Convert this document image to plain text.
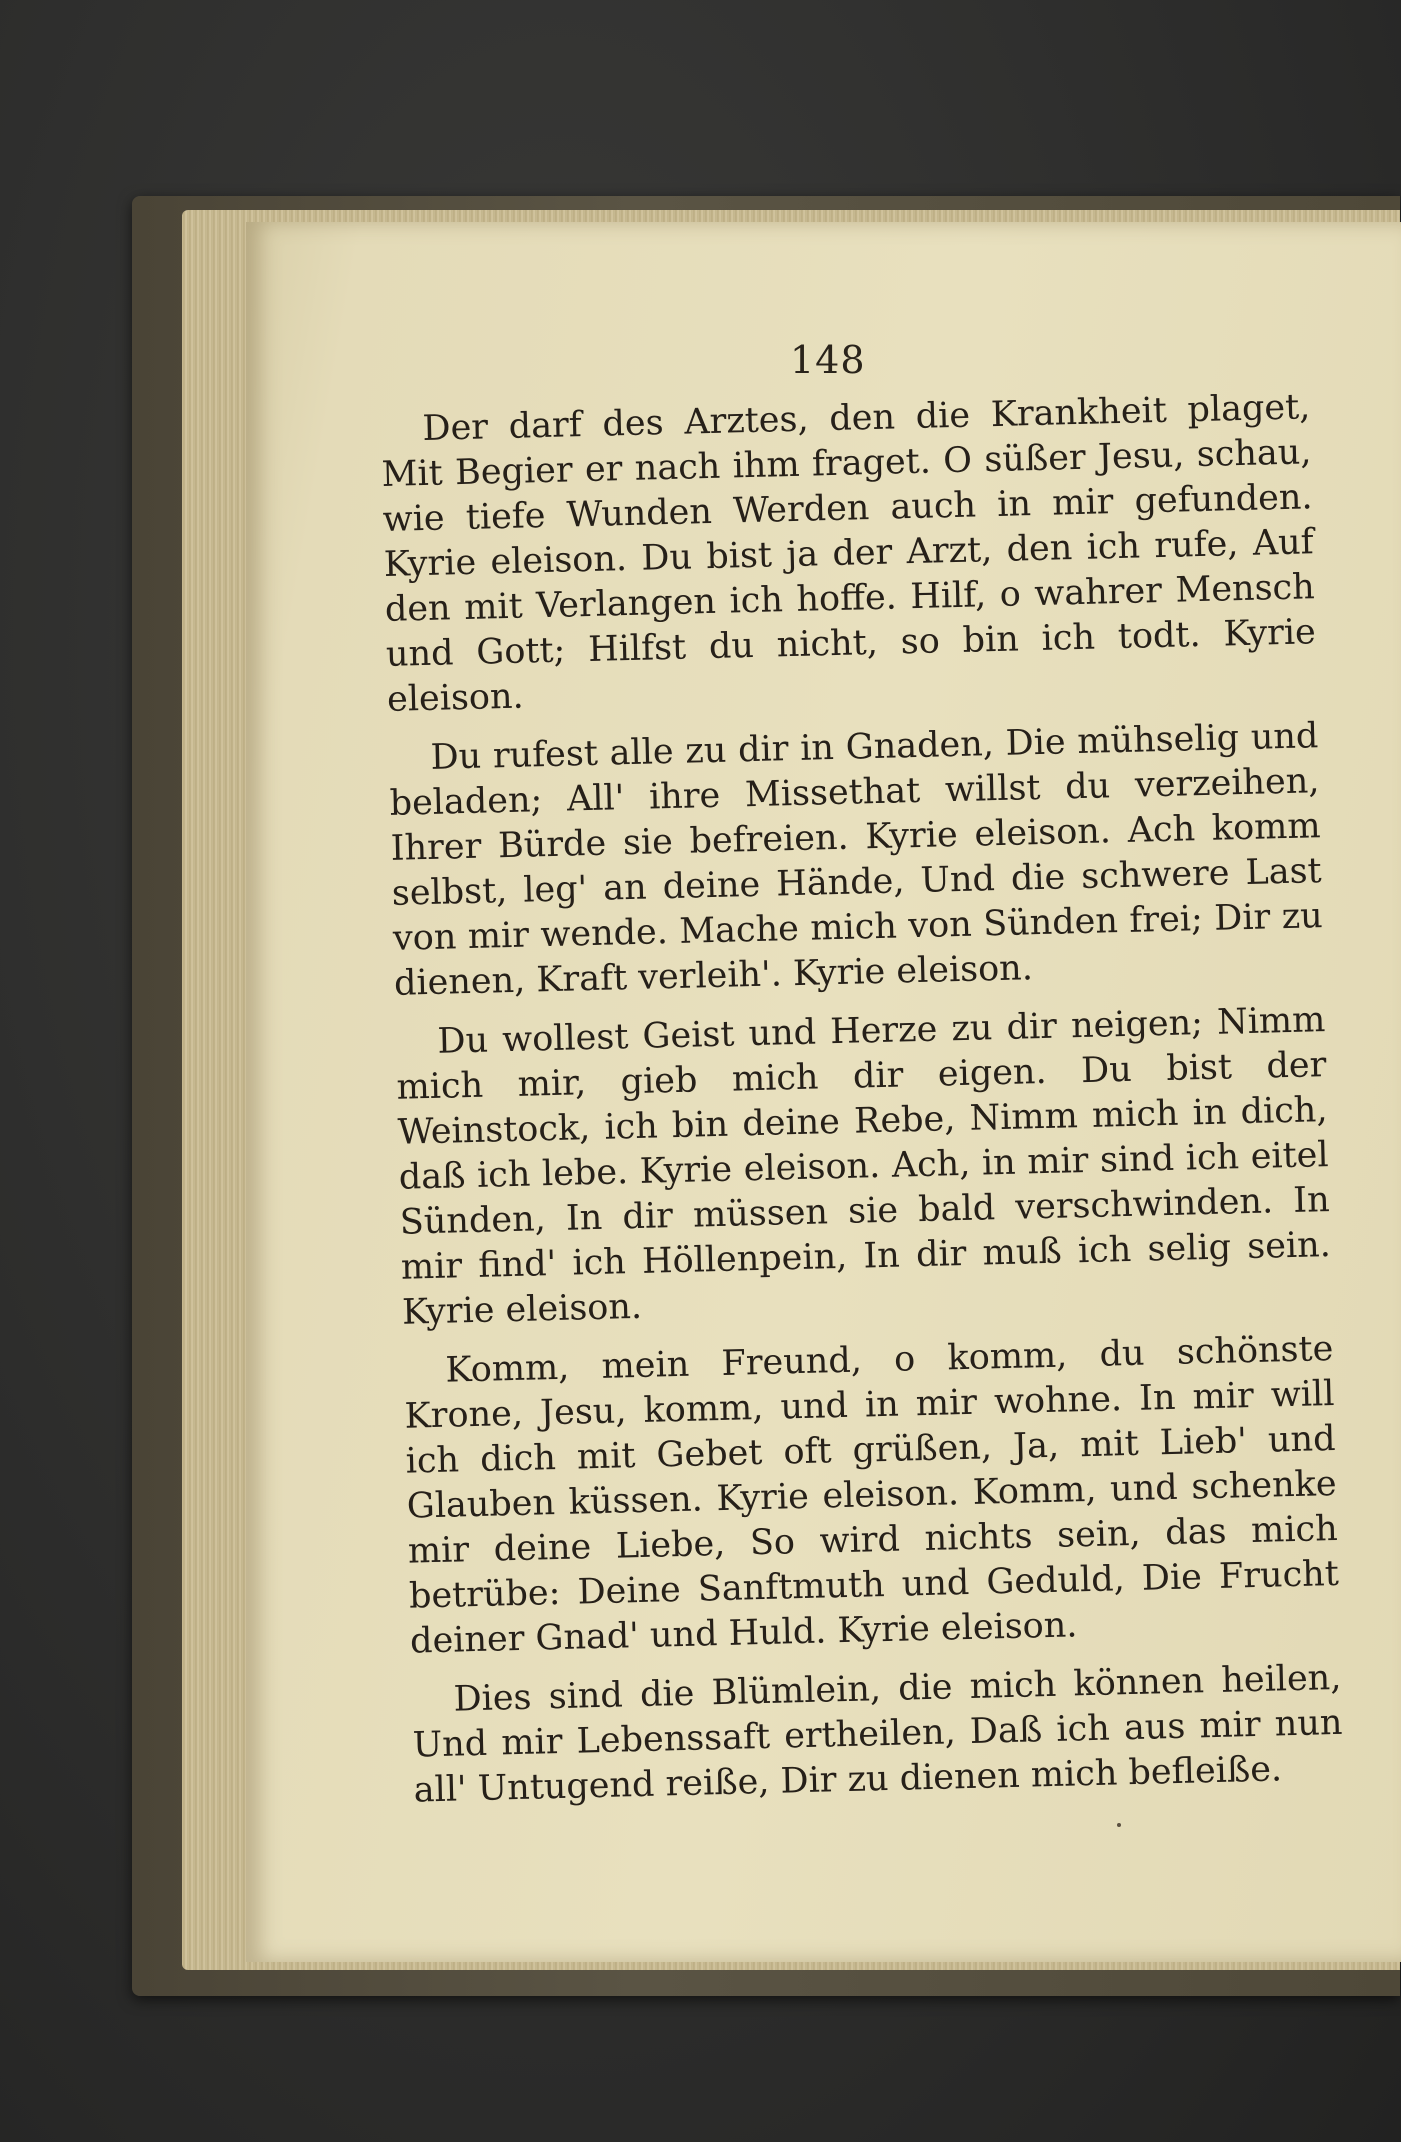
148

Der darf des Arztes, den die Krankheit plaget, Mit Begier er nach ihm fraget. O süßer Jesu, schau, wie tiefe Wunden Werden auch in mir gefunden. Kyrie eleison. Du bist ja der Arzt, den ich rufe, Auf den mit Verlangen ich hoffe. Hilf, o wahrer Mensch und Gott; Hilfst du nicht, so bin ich todt. Kyrie eleison.

Du rufest alle zu dir in Gnaden, Die mühselig und beladen; All' ihre Missethat willst du verzeihen, Ihrer Bürde sie befreien. Kyrie eleison. Ach komm selbst, leg' an deine Hände, Und die schwere Last von mir wende. Mache mich von Sünden frei; Dir zu dienen, Kraft verleih'. Kyrie eleison.

Du wollest Geist und Herze zu dir neigen; Nimm mich mir, gieb mich dir eigen. Du bist der Weinstock, ich bin deine Rebe, Nimm mich in dich, daß ich lebe. Kyrie eleison. Ach, in mir sind ich eitel Sünden, In dir müssen sie bald verschwinden. In mir find' ich Höllenpein, In dir muß ich selig sein. Kyrie eleison.

Komm, mein Freund, o komm, du schönste Krone, Jesu, komm, und in mir wohne. In mir will ich dich mit Gebet oft grüßen, Ja, mit Lieb' und Glauben küssen. Kyrie eleison. Komm, und schenke mir deine Liebe, So wird nichts sein, das mich betrübe: Deine Sanftmuth und Geduld, Die Frucht deiner Gnad' und Huld. Kyrie eleison.

Dies sind die Blümlein, die mich können heilen, Und mir Lebenssaft ertheilen, Daß ich aus mir nun all' Untugend reiße, Dir zu dienen mich befleiße.
